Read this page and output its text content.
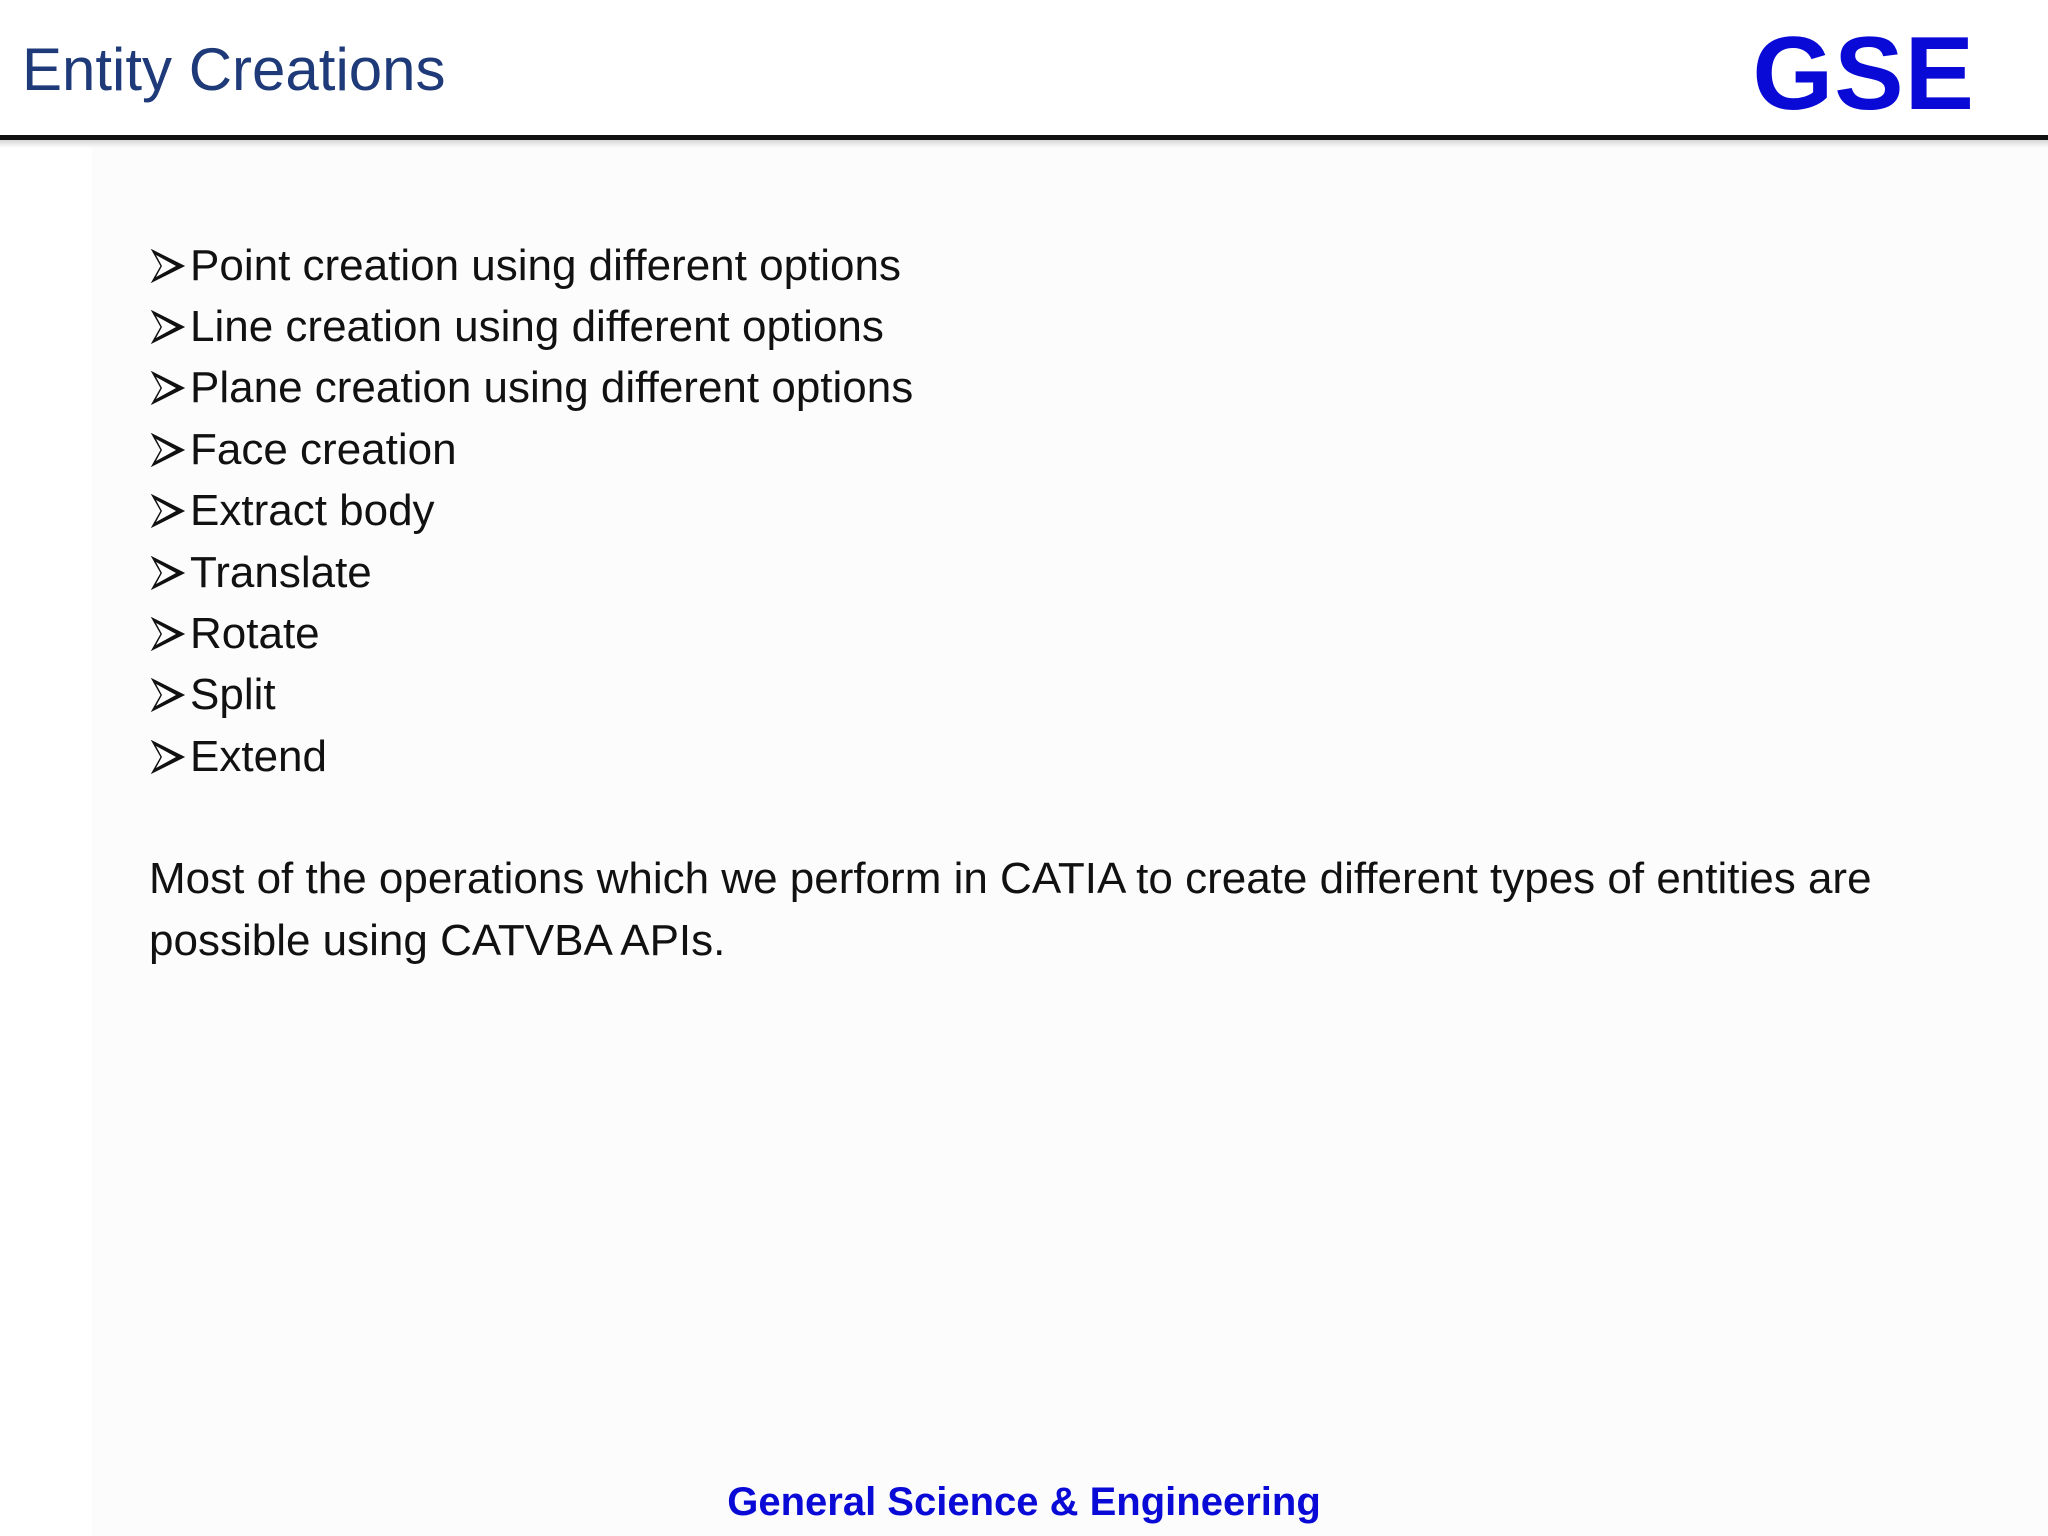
Entity Creations	GSE
Point creation using different options
Line creation using different options
Plane creation using different options
Face creation
Extract body
Translate
Rotate
Split
Extend
Most of the operations which we perform in CATIA to create different types of entities are possible using CATVBA APIs.
General Science & Engineering
